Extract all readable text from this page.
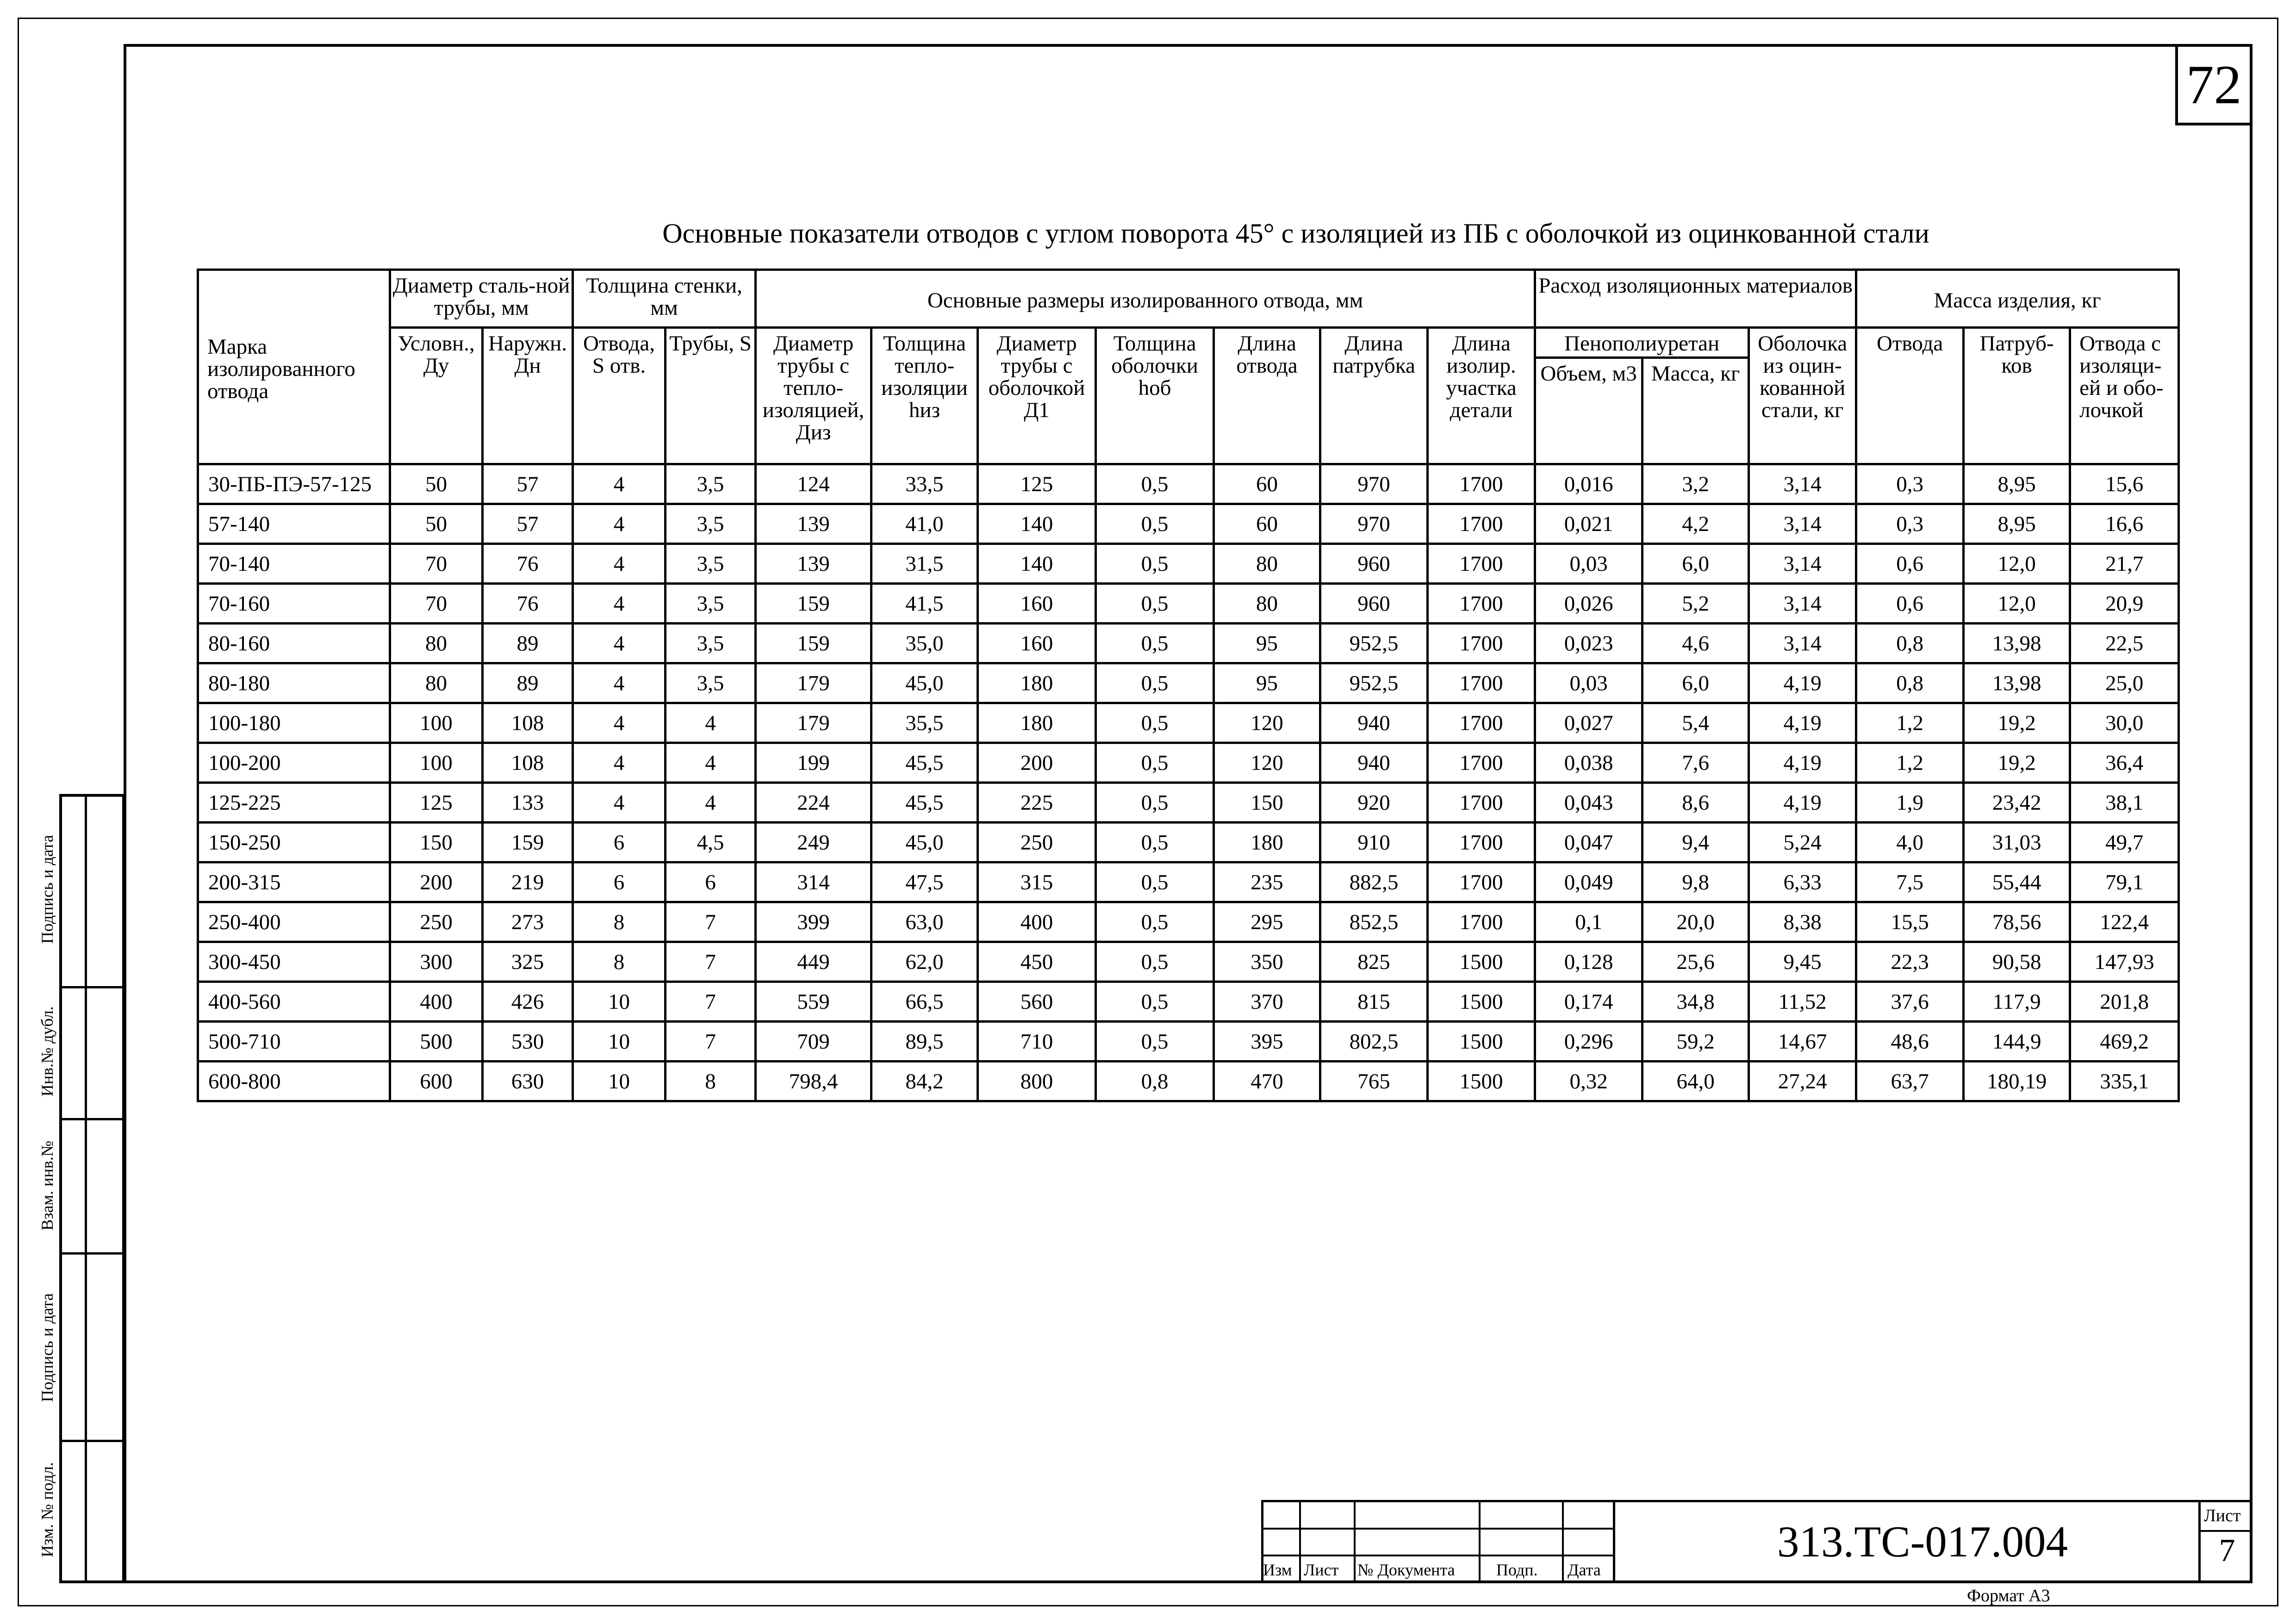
72
Основные показатели отводов с углом поворота 45° с изоляцией из ПБ с оболочкой из оцинкованной стали
Марка изолированного отвода	Диаметр сталь-ной трубы, мм		Толщина стенки, мм		Основные размеры изолированного отвода, мм							Расход изоляционных материалов			Масса изделия, кг		
	Условн., Ду	Наружн. Дн	Отвода, S отв.	Трубы, S	Диаметр трубы с тепло-изоляцией, Диз	Толщина тепло-изоляции hиз	Диаметр трубы с оболочкой Д1	Толщина оболочки hоб	Длина отвода	Длина патрубка	Длина изолир. участка детали	Пенополиуретан		Оболочка из оцин-кованной стали, кг	Отвода	Патруб-ков	Отвода с изоляци-ей и обо-лочкой
												Объем, м3	Масса, кг				
30-ПБ-ПЭ-57-125	50	57	4	3,5	124	33,5	125	0,5	60	970	1700	0,016	3,2	3,14	0,3	8,95	15,6
57-140	50	57	4	3,5	139	41,0	140	0,5	60	970	1700	0,021	4,2	3,14	0,3	8,95	16,6
70-140	70	76	4	3,5	139	31,5	140	0,5	80	960	1700	0,03	6,0	3,14	0,6	12,0	21,7
70-160	70	76	4	3,5	159	41,5	160	0,5	80	960	1700	0,026	5,2	3,14	0,6	12,0	20,9
80-160	80	89	4	3,5	159	35,0	160	0,5	95	952,5	1700	0,023	4,6	3,14	0,8	13,98	22,5
80-180	80	89	4	3,5	179	45,0	180	0,5	95	952,5	1700	0,03	6,0	4,19	0,8	13,98	25,0
100-180	100	108	4	4	179	35,5	180	0,5	120	940	1700	0,027	5,4	4,19	1,2	19,2	30,0
100-200	100	108	4	4	199	45,5	200	0,5	120	940	1700	0,038	7,6	4,19	1,2	19,2	36,4
125-225	125	133	4	4	224	45,5	225	0,5	150	920	1700	0,043	8,6	4,19	1,9	23,42	38,1
150-250	150	159	6	4,5	249	45,0	250	0,5	180	910	1700	0,047	9,4	5,24	4,0	31,03	49,7
200-315	200	219	6	6	314	47,5	315	0,5	235	882,5	1700	0,049	9,8	6,33	7,5	55,44	79,1
250-400	250	273	8	7	399	63,0	400	0,5	295	852,5	1700	0,1	20,0	8,38	15,5	78,56	122,4
300-450	300	325	8	7	449	62,0	450	0,5	350	825	1500	0,128	25,6	9,45	22,3	90,58	147,93
400-560	400	426	10	7	559	66,5	560	0,5	370	815	1500	0,174	34,8	11,52	37,6	117,9	201,8
500-710	500	530	10	7	709	89,5	710	0,5	395	802,5	1500	0,296	59,2	14,67	48,6	144,9	469,2
600-800	600	630	10	8	798,4	84,2	800	0,8	470	765	1500	0,32	64,0	27,24	63,7	180,19	335,1
Подпись и дата
Инв.№ дубл.
Взам. инв.№
Подпись и дата
Изм. № подл.
Изм Лист № Документа Подп. Дата
313.ТС-017.004
Лист
7
Формат А3
